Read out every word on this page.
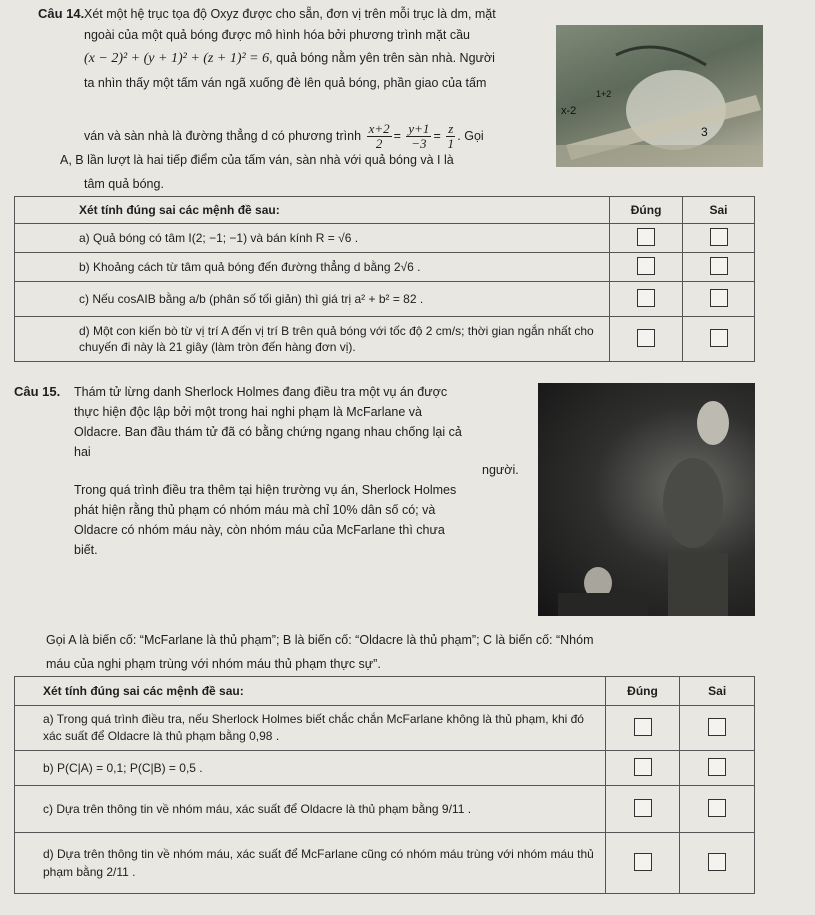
Câu 14. Xét một hệ trục tọa độ Oxyz được cho sẵn, đơn vị trên mỗi trục là dm, mặt
ngoài của một quả bóng được mô hình hóa bởi phương trình mặt cầu
(x − 2)² + (y + 1)² + (z + 1)² = 6, quả bóng nằm yên trên sàn nhà. Người
ta nhìn thấy một tấm ván ngã xuống đè lên quả bóng, phần giao của tấm
ván và sàn nhà là đường thẳng d có phương trình $\frac{x+2}{2} = \frac{y+1}{-3} = \frac{z}{1}$ . Gọi
A, B lần lượt là hai tiếp điểm của tấm ván, sàn nhà với quả bóng và I là
tâm quả bóng.
1+2
x-2
3
Xét tính đúng sai các mệnh đề sau:	Đúng	Sai
a) Quả bóng có tâm I(2; −1; −1) và bán kính R = √6 .		
b) Khoảng cách từ tâm quả bóng đến đường thẳng d bằng 2√6 .		
c) Nếu cosAIB bằng a/b (phân số tối giản) thì giá trị a² + b² = 82 .		
d) Một con kiến bò từ vị trí A đến vị trí B trên quả bóng với tốc độ 2 cm/s; thời gian ngắn nhất cho chuyến đi này là 21 giây (làm tròn đến hàng đơn vị).		
Câu 15. Thám tử lừng danh Sherlock Holmes đang điều tra một vụ án được
thực hiện độc lập bởi một trong hai nghi phạm là McFarlane và
Oldacre. Ban đầu thám tử đã có bằng chứng ngang nhau chống lại cả
hai
người.
Trong quá trình điều tra thêm tại hiện trường vụ án, Sherlock Holmes
phát hiện rằng thủ phạm có nhóm máu mà chỉ 10% dân số có; và
Oldacre có nhóm máu này, còn nhóm máu của McFarlane thì chưa
biết.
Gọi A là biến cố: “McFarlane là thủ phạm”; B là biến cố: “Oldacre là thủ phạm”; C là biến cố: “Nhóm
máu của nghi phạm trùng với nhóm máu thủ phạm thực sự”.
Xét tính đúng sai các mệnh đề sau:	Đúng	Sai
a) Trong quá trình điều tra, nếu Sherlock Holmes biết chắc chắn McFarlane không là thủ phạm, khi đó xác suất để Oldacre là thủ phạm bằng 0,98 .		
b) P(C|A) = 0,1; P(C|B) = 0,5 .		
c) Dựa trên thông tin về nhóm máu, xác suất để Oldacre là thủ phạm bằng 9/11 .		
d) Dựa trên thông tin về nhóm máu, xác suất để McFarlane cũng có nhóm máu trùng với nhóm máu thủ phạm bằng 2/11 .		
